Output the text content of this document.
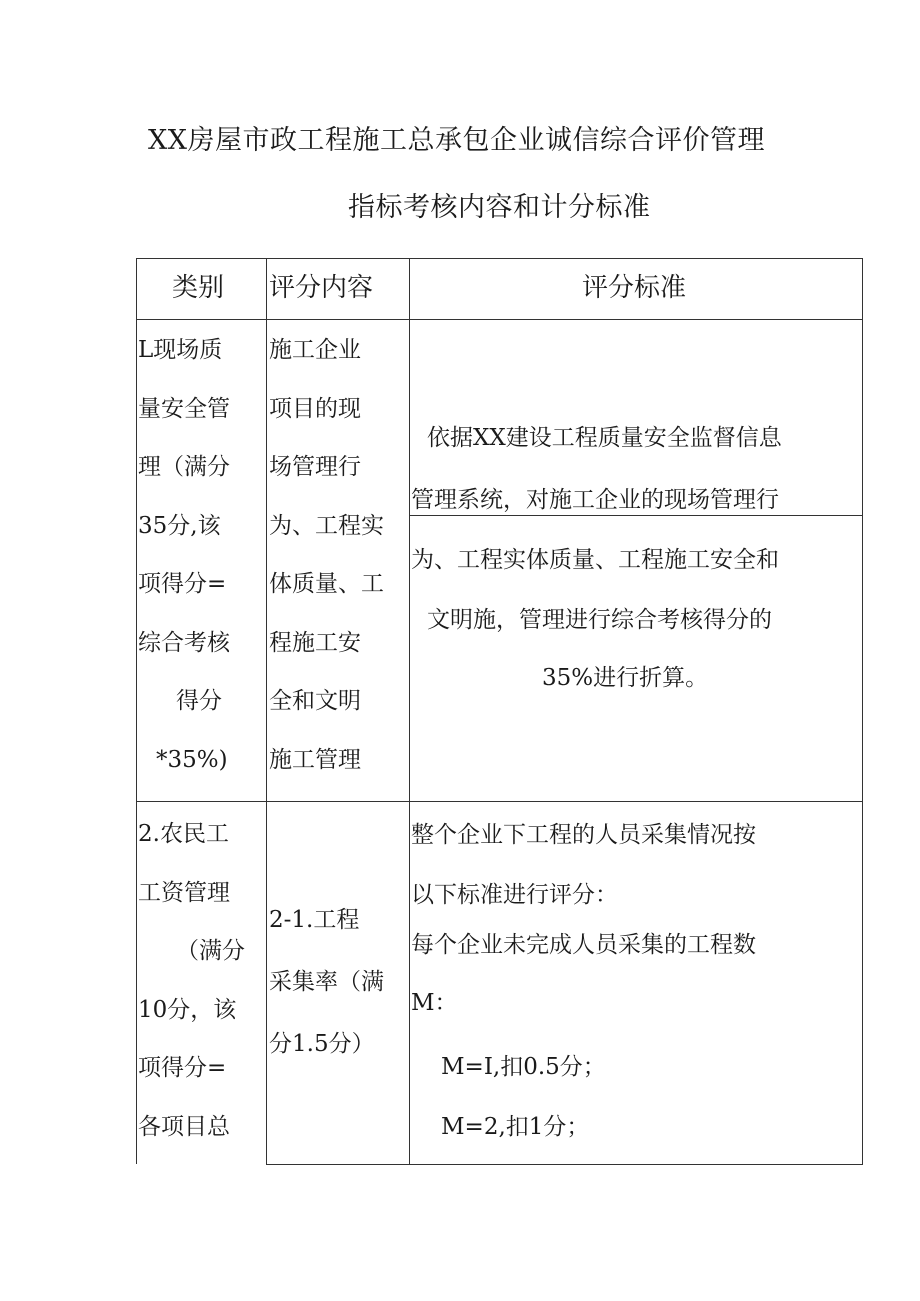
XX房屋市政工程施工总承包企业诚信综合评价管理
指标考核内容和计分标准
类别 评分内容	评分标准
L现场质
量安全管
理（满分
35分,该
项得分=
综合考核
得分
*35%)
施工企业
项目的现
场管理行
为、工程实
体质量、工
程施工安
全和文明
施工管理
依据XX建设工程质量安全监督信息
管理系统，对施工企业的现场管理行
为、工程实体质量、工程施工安全和
文明施，管理进行综合考核得分的
35%进行折算。
2.农民工
工资管理
（满分
10分，该
项得分=
各项目总
2-1.工程
采集率（满
分1.5分）
整个企业下工程的人员采集情况按
以下标准进行评分：
每个企业未完成人员采集的工程数
M：
M=I,扣0.5分；
M=2,扣1分；
